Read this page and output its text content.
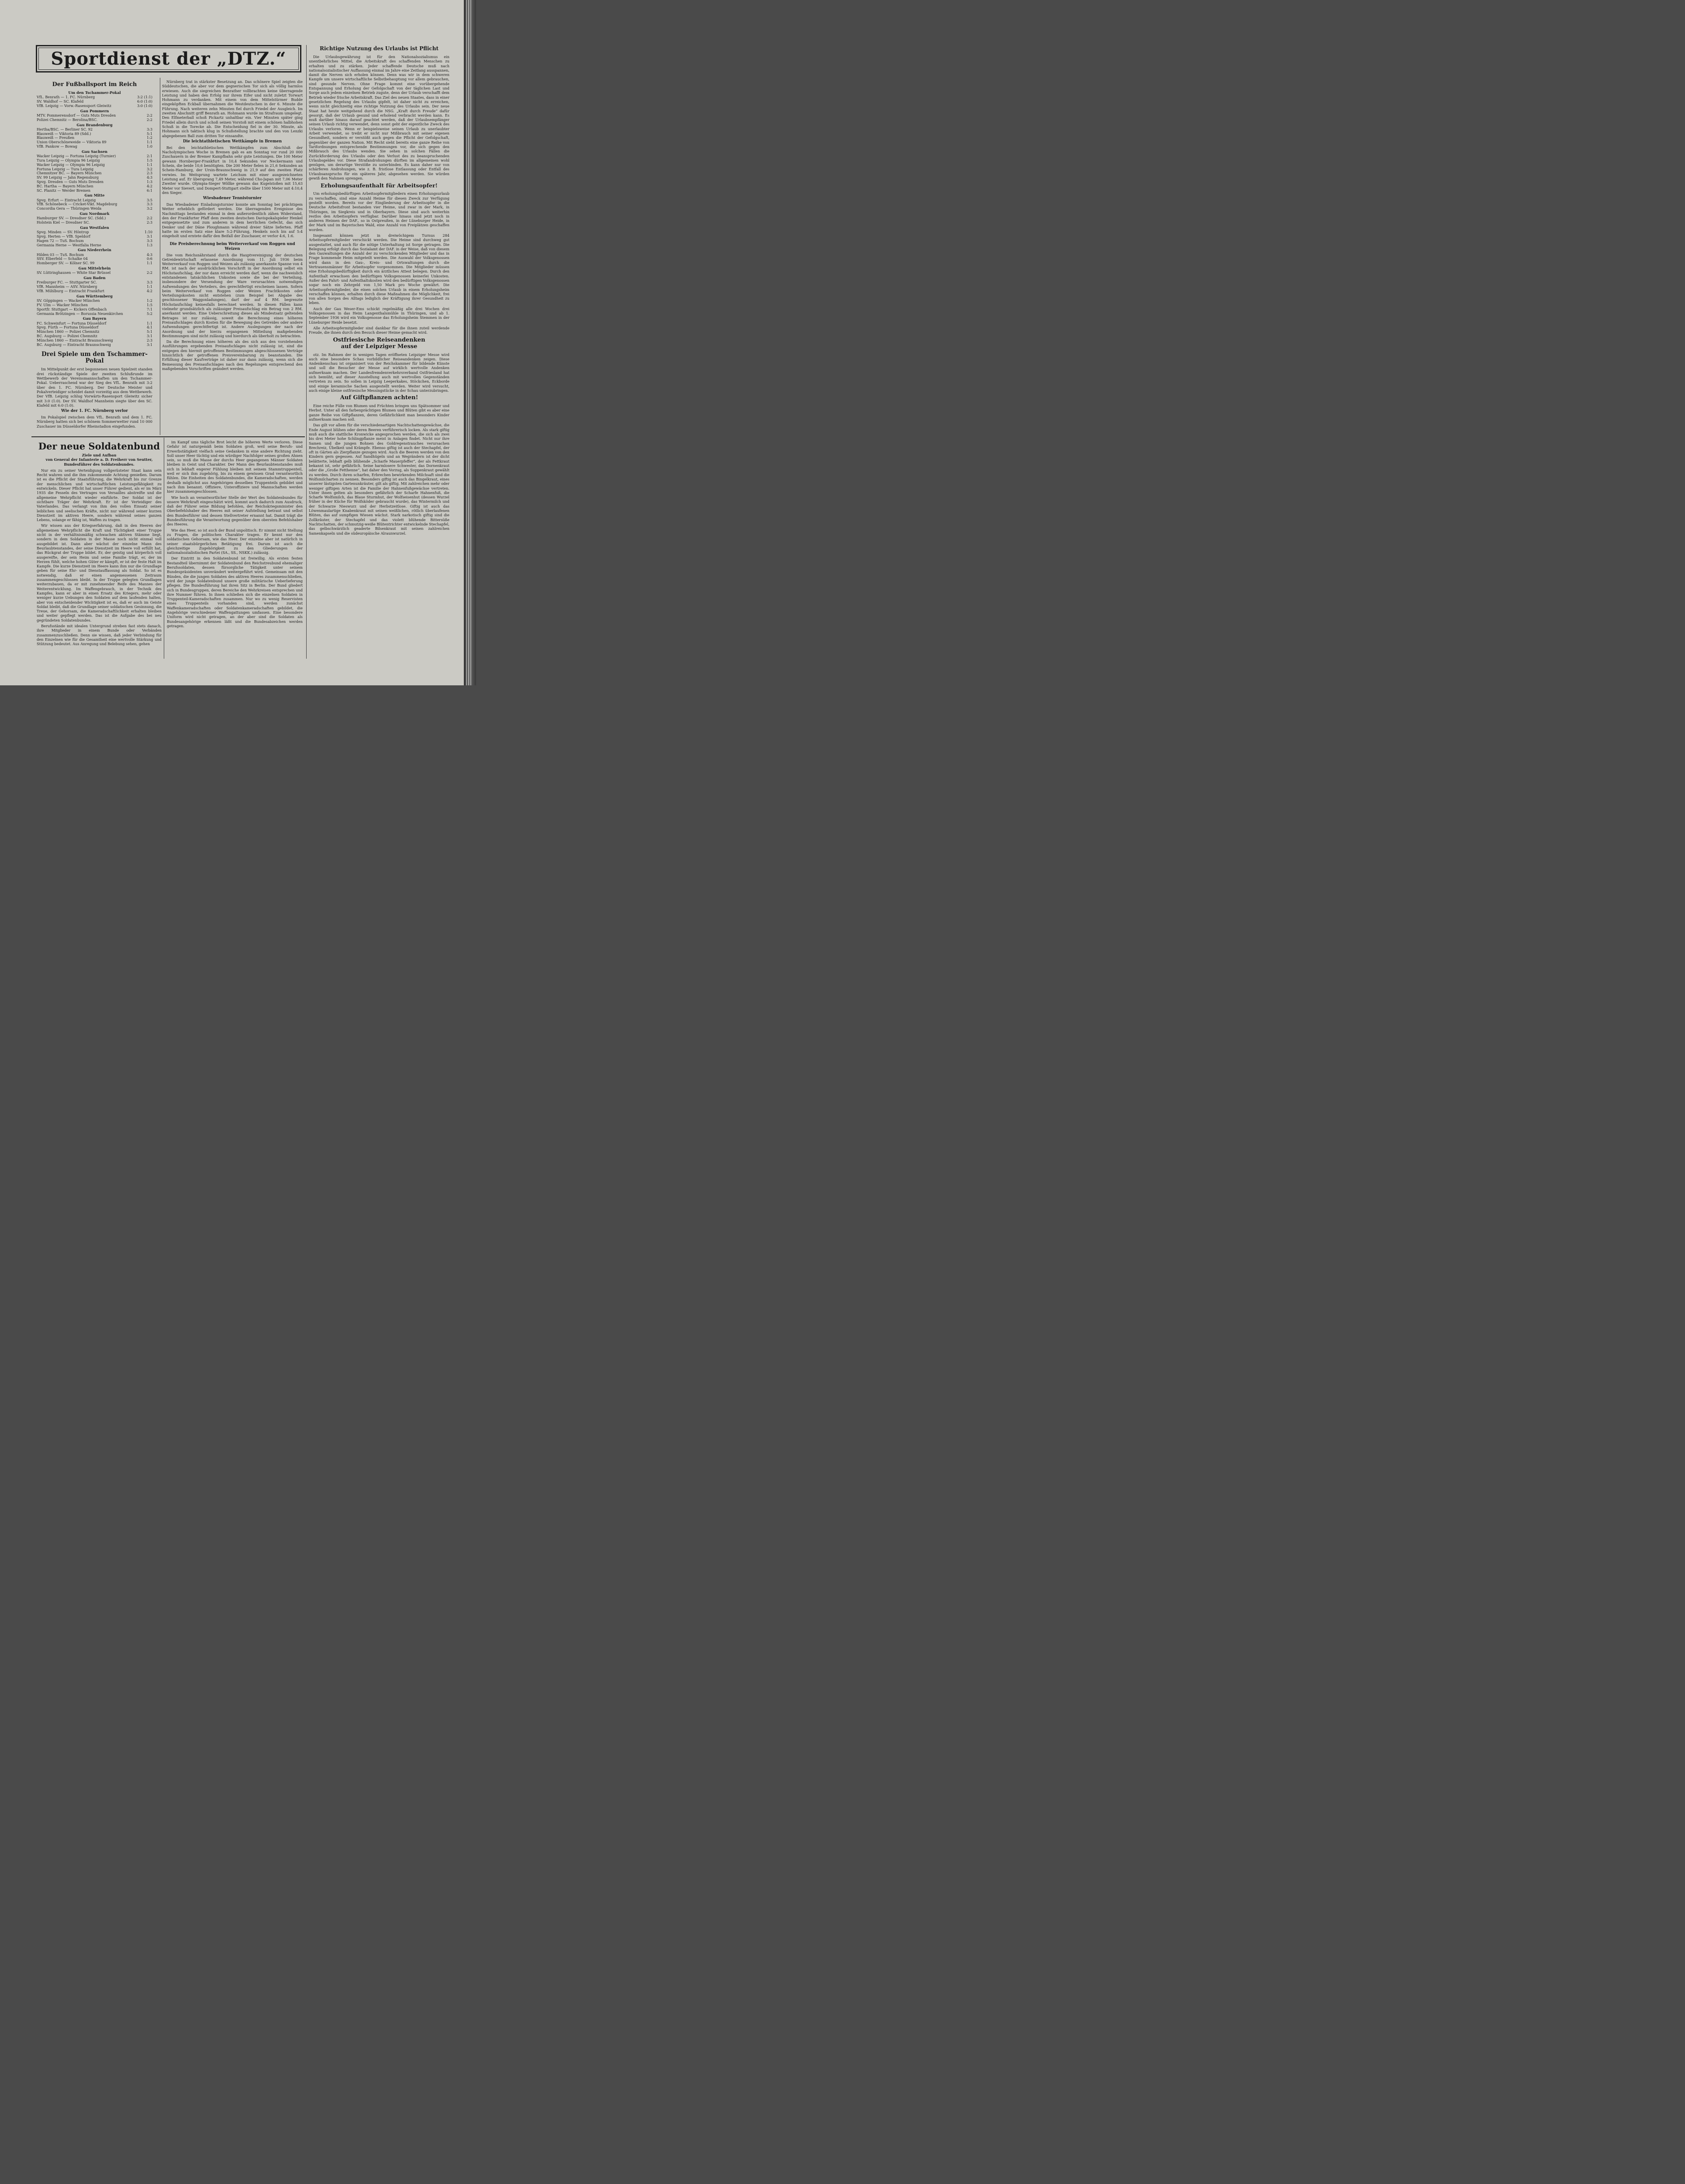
Sportdienst der „DTZ.“
Der Fußballsport im Reich
Um den Tschammer-Pokal
VfL. Benrath — 1. FC. Nürnberg	3:2 (1:1)
SV. Waldhof — SC. Klafeld	6:0 (1:0)
VfB. Leipzig — Vorw.-Rasensport Gleiwitz	3:0 (1:0)
Gau Pommern
MTV. Pommerensdorf — Guts Muts Dresden	2:2
Polizei Chemnitz — Berolina/BSC.	2:2
Gau Brandenburg
Hertha/BSC. — Berliner SC. 92	3:3
Blauweiß — Viktoria 89 (Sdd.)	5:1
Blauweiß — Preußen	1:2
Union Oberschöneweide — Viktoria 89	1:1
VfB. Pankow — Bowag	1:0
Gau Sachsen
Wacker Leipzig — Fortuna Leipzig (Turnier)	2:1
Tura Leipzig — Olympia 96 Leipzig	1:5
Wacker Leipzig — Olympia 96 Leipzig	1:1
Fortuna Leipzig — Tura Leipzig	3:2
Chemnitzer BC. — Bayern München	2:3
SV. 99 Leipzig — Jahn Regensburg	4:3
Spvg. Dresden — Guts Muts Dresden	1:3
BC. Hartha — Bayern München	4:2
SC. Planitz — Werder Bremen	6:1
Gau Mitte
Spvg. Erfurt — Eintracht Leipzig	3:5
VfB. Schönebeck — Cricket-Vikt. Magdeburg	3:3
Concordia Gera — Thüringen Weida	3:2
Gau Nordmark
Hamburger SV. — Dresdner SC. (Sdd.)	2:2
Holstein Kiel — Dresdner SC.	2:3
Gau Westfalen
Spvg. Minden — SV. Höntrop	1:10
Spvg. Herten — VfB. Speldorf	3:1
Hagen 72 — TuS. Bochum	3:3
Germania Herne — Westfalia Herne	1:3
Gau Niederrhein
Hilden 03 — TuS. Bochum	4:3
SSV. Elberfeld — Schalke 04	0:6
Homberger SV. — Kölner SC. 99	1:1
Gau Mittelrhein
SV. Lüttringhausen — White Star Brüssel	2:2
Gau Baden
Freiburger FC. — Stuttgarter SC.	3:3
VfR. Mannheim — ASV. Nürnberg	1:1
VfB. Mühlburg — Eintracht Frankfurt	4:2
Gau Württemberg
SV. Göppingen — Wacker München	1:2
FV. Ulm — Wacker München	1:5
Sportfr. Stuttgart — Kickers Offenbach	7:1
Germania Brötzingen — Borussia Neuenkirchen	5:2
Gau Bayern
FC. Schweinfurt — Fortuna Düsseldorf	1:1
Spvg. Fürth — Fortuna Düsseldorf	4:1
München 1860 — Polizei Chemnitz	5:1
BC. Augsburg — Polizei Chemnitz	3:1
München 1860 — Eintracht Braunschweig	2:3
BC. Augsburg — Eintracht Braunschweig	3:1
Drei Spiele um den Tschammer-Pokal

Im Mittelpunkt der erst begonnenen neuen Spielzeit standen drei rückständige Spiele der zweiten Schlußrunde im Wettbewerb der Vereinsmannschaften um den Tschammer-Pokal. Ueberraschend war der Sieg des VfL. Benrath mit 3:2 über den 1. FC. Nürnberg. Der Deutsche Meister und Pokalverteidiger scheidet damit vorzeitig aus dem Wettbewerb. Der VfB. Leipzig schlug Vorwärts-Rasensport Gleiwitz sicher mit 3:0 (1:0). Der SV. Waldhof Mannheim siegte über den SC. Klafeld mit 6:0 (1:0).

Wie der 1. FC. Nürnberg verlor

Im Pokalspiel zwischen dem VfL. Benrath und dem 1. FC. Nürnberg hatten sich bei schönem Sommerwetter rund 10 000 Zuschauer im Düsseldorfer Rheinstadion eingefunden.

Nürnberg trat in stärkster Besetzung an. Das schönere Spiel zeigten die Süddeutschen, die aber vor dem gegnerischen Tor sich als völlig harmlos erwiesen. Auch die siegreichen Benrather vollbrachten keine überragende Leistung und haben den Erfolg nur ihrem Eifer und nicht zuletzt Torwart Hohmann zu verdanken. Mit einem von dem Mittelstürmer Budde eingeköpften Eckball übernahmen die Westdeutschen in der 6. Minute die Führung. Nach weiteren zehn Minuten fiel durch Friedel der Ausgleich. Im zweiten Abschnitt griff Benrath an. Hohmann wurde im Strafraum umgelegt. Den Elfmeterball schoß Pickartz unhaltbar ein. Vier Minuten später ging Friedel allein durch und schoß seinen Vorstoß mit einem schönen halbhohen Schuß in die Torecke ab. Die Entscheidung fiel in der 30. Minute, als Hohmann sich taktisch klug in Schußstellung brachte und den von Lenzki abgegebenen Ball zum dritten Tor einsandte.

Die leichtathletischen Wettkämpfe in Bremen

Bei den leichtathletischen Wettkämpfen zum Abschluß der Nacholympischen Woche in Bremen gab es am Sonntag vor rund 20 000 Zuschauern in der Bremer Kampfbahn sehr gute Leistungen. Die 100 Meter gewann Hornberger-Frankfurt in 10,4 Sekunden vor Neckermann und Schein, die beide 10,6 benötigten. Die 200 Meter fielen in 21,6 Sekunden an Schein-Hamburg, der Ursin-Braunschweig in 21,9 auf den zweiten Platz verwies. Im Weitsprung wartete Leichum mit einer ausgezeichneten Leistung auf. Er übersprang 7,49 Meter, während Cho-Japan mit 7,06 Meter Zweiter wurde. Olympia-Sieger Wöllke gewann das Kugelstoßen mit 15,63 Meter vor Sievert, und Dompert-Stuttgart stellte über 1500 Meter mit 4:10,4 den Sieger.

Wiesbadener Tennisturnier

Das Wiesbadener Einladungsturnier konnte am Sonntag bei prächtigem Wetter erheblich gefördert werden. Die überragenden Ereignisse des Nachmittags bestanden einmal in dem außerordentlich zähen Widerstand, den der Frankfurter Pfaff dem zweiten deutschen Davispokalspieler Henkel entgegensetzte und zum anderen in dem herrlichen Gefecht, das sich Denker und der Däne Ploughmann während dreier Sätze lieferten. Pfaff hatte im ersten Satz eine klare 5:2-Führung, Henkels noch bis auf 5:4 eingeholt und erntete dafür den Beifall der Zuschauer, er verlor 4:6, 1:6.

Die Preisberechnung beim Weiterverkauf von Roggen und Weizen

Die vom Reichsnährstand durch die Hauptvereinigung der deutschen Getreidewirtschaft erlassene Anordnung vom 11. Juli 1936 beim Weiterverkauf von Roggen und Weizen als zulässig anerkannte Spanne von 4 RM. ist nach der ausdrücklichen Vorschrift in der Anordnung selbst ein Höchstaufschlag, der nur dann erreicht werden darf, wenn die nachweislich entstandenen tatsächlichen Unkosten sowie die bei der Verteilung, insbesondere der Versendung der Ware verursachten notwendigen Aufwendungen des Verteilers, des gerechtfertigt erscheinen lassen. Sofern beim Weiterverkauf von Roggen oder Weizen Frachtkosten oder Verteilungskosten nicht entstehen (zum Beispiel bei Abgabe des geschlossener Waggonladungen), darf der auf 4 RM. begrenzte Höchstaufschlag keinesfalls berechnet werden. In diesen Fällen kann vielmehr grundsätzlich als zulässiger Preisaufschlag ein Betrag von 2 RM. anerkannt werden. Eine Ueberschreitung dieses als Mindestsatz geltenden Betrages ist nur zulässig, soweit die Berechnung eines höheren Preisaufschlages durch Kosten für die Bewegung des Getreides oder andere Aufwendungen gerechtfertigt ist. Andere Auslegungen der nach der Anordnung und der hierzu ergangenen Mitteilung maßgebenden Bestimmungen sind nicht zulässig und hierdurch als überholt zu betrachten.

Da die Berechnung eines höheren als des sich aus den vorstehenden Ausführungen ergebenden Preisaufschlages nicht zulässig ist, sind die entgegen den hiermit getroffenen Bestimmungen abgeschlossenen Verträge hinsichtlich der getroffenen Preisvereinbarung zu beanstanden. Die Erfüllung dieser Kaufverträge ist daher nur dann zulässig, wenn sich die Bemessung des Preisaufschlages nach den Regelungen entsprechend den maßgebenden Vorschriften geändert werden.

Richtige Nutzung des Urlaubs ist Pflicht

Die Urlaubsgewährung ist für den Nationalsozialismus ein unentbehrliches Mittel, die Arbeitskraft des schaffenden Menschen zu erhalten und zu stärken. Jeder schaffende Deutsche muß nach nationalsozialistischer Auffassung einmal im Jahre eine Zeitlang ausspannen, damit die Nerven sich erholen können. Denn was wir in dem schweren Kampfe um unsere wirtschaftliche Selbstbehauptung vor allem gebrauchen, sind gesunde Nerven. Ohne Frage kommt eine vorübergehende Entspannung und Erholung der Gefolgschaft von der täglichen Last und Sorge auch jedem einzelnen Betrieb zugute, denn der Urlaub verschafft dem Betrieb wieder frische Arbeitskraft. Das Ziel des neuen Staates, dass in einer gesetzlichen Regelung des Urlaubs gipfelt, ist daher nicht zu erreichen, wenn nicht gleichzeitig eine richtige Nutzung des Urlaubs sein. Der neue Staat hat heute weitgehend durch die NSG. „Kraft durch Freude“ dafür gesorgt, daß der Urlaub gesund und erholend verbracht werden kann. Es muß darüber hinaus darauf geachtet werden, daß der Urlaubsempfänger seinen Urlaub richtig verwendet, denn sonst geht der eigentliche Zweck des Urlaubs verloren. Wenn er beispielsweise seinen Urlaub zu unerlaubter Arbeit verwendet, so treibt er nicht nur Mißbrauch mit seiner eigenen Gesundheit, sondern er verstößt auch gegen die Pflicht der Gefolgschaft, gegenüber der ganzen Nation. Mit Recht sieht bereits eine ganze Reihe von Tarifordnungen entsprechende Bestimmungen vor, die sich gegen den Mißbrauch des Urlaubs wenden. Sie sehen in solchen Fällen die Zurückforderung des Urlaubs oder den Verlust des zu beanspruchenden Urlaubsgeldes vor. Diese Strafandrohungen dürften im allgemeinen wohl genügen, um derartige Verstöße zu unterbinden. Es kann daher nur von schärferen Androhungen, wie z. B. fristlose Entlassung oder Entfall des Urlaubsanspruchs für ein späteres Jahr, abgesehen werden. Sie würden gewiß den Nahmen sprengen.

Erholungsaufenthalt für Arbeitsopfer!

Um erholungsbedürftigen Arbeitsopfermitgliedern einen Erholungsurlaub zu verschaffen, sind eine Anzahl Heime für diesen Zweck zur Verfügung gestellt worden. Bereits vor der Eingliederung der Arbeitsopfer in die Deutsche Arbeitsfront bestanden vier Heime, und zwar in der Mark, in Thüringen, im Siegkreis und in Oberbayern. Diese sind auch weiterhin restlos den Arbeitsopfern verfügbar. Darüber hinaus sind jetzt noch in anderen Heimen der DAF., so in Ostpreußen, in der Lüneburger Heide, in der Mark und im Bayerischen Wald, eine Anzahl von Freiplätzen geschaffen worden.

Insgesamt können jetzt in dreiwöchigem Turnus 284 Arbeitsopfermitglieder verschickt werden. Die Heime sind durchweg gut ausgestattet, und auch für die nötige Unterhaltung ist Sorge getragen. Die Belegung erfolgt durch das Sozialamt der DAF. in der Weise, daß von diesem den Gauwaltungen die Anzahl der zu verschickenden Mitglieder und das in Frage kommende Heim mitgeteilt werden. Die Auswahl der Volksgenossen wird dann in den Gau-, Kreis- und Ortswaltungen durch die Vertrauensmänner für Arbeitsopfer vorgenommen. Die Mitglieder müssen eine Erholungsbedürftigkeit durch ein ärztliches Attest belegen. Durch den Aufenthalt erwachsen den bedürftigen Volksgenossen keinerlei Unkosten. Außer den Fahrt- und Aufenthaltskosten wird den bedürftigen Volksgenossen sogar noch ein Zehrgeld von 1,50 Mark pro Woche gewährt. Die Arbeitsopfermitglieder, die einen solchen Urlaub in einem Erholungsheim verschaffen können, erhalten durch diese Maßnahmen die Möglichkeit, frei von allen Sorgen des Alltags lediglich der Kräftigung ihrer Gesundheit zu leben.

Auch der Gau Weser-Ems schickt regelmäßig alle drei Wochen drei Volksgenossen in das Heim Langenthalsmühle in Thüringen, und ab 1. September 1936 wird ein Volksgenosse das Erholungsheim Stemmen in der Lüneburger Heide besetzt.

Alle Arbeitsopfermitglieder sind dankbar für die ihnen zuteil werdende Freude, die ihnen durch den Besuch dieser Heime gemacht wird.

Ostfriesische Reiseandenken
auf der Leipziger Messe

otz. Im Rahmen der in wenigen Tagen eröffneten Leipziger Messe wird auch eine besondere Schau vorbildlicher Reiseandenken zeigen. Diese Andenkenschau ist organisiert von der Reichskammer für bildende Künste und soll die Besucher der Messe auf wirklich wertvolle Andenken aufmerksam machen. Der Landesfremdenverkehrsverband Ostfriesland hat sich bemüht, auf dieser Ausstellung auch mit wertvollen Gegenständen vertreten zu sein. So sollen in Leipzig Leeperkakes, Stöckchen, Eckborde und einige keramische Sachen ausgestellt werden. Weiter wird versucht, auch einige kleine ostfriesische Messingstücke in der Schau unterzubringen.

Auf Giftpflanzen achten!

Eine reiche Fülle von Blumen und Früchten bringen uns Spätsommer und Herbst. Unter all den farbenprächtigen Blumen und Blüten gibt es aber eine ganze Reihe von Giftpflanzen, deren Gefährlichkeit man besonders Kinder aufmerksam machen soll.

Das gilt vor allem für die verschiedenartigen Nachtschattengewächse, die Ende August blühen oder deren Beeren verführerisch locken. Als stark giftig muß auch die stattliche Kronwicke angesprochen werden, die sich als zwei bis drei Meter hohe Schlingpflanze meist in Anlagen findet. Nicht nur ihre Samen und die jungen Bohnen des Goldregenstrauches verursachen Brechreiz, Übelkeit und Krämpfe. Ebenso giftig ist auch der Stechapfel, der oft in Gärten als Zierpflanze gezogen wird. Auch die Beeren werden von den Kindern gern gegessen. Auf Sandhügeln und an Wegrändern ist der dicht belätterte, lebhaft gelb blühende „Scharfe Mauerpfeffer“, der als Fettkraut bekannt ist, sehr gefährlich. Seine harmlosere Schwester, das Dornenkraut oder die „Große Fetthenne“, hat daher den Vorzug, als Suppenkraut gewählt zu werden. Durch ihren scharfen, Erbrechen bewirkenden Milchsaft sind die Wolfsmilcharten zu nennen. Besonders giftig ist auch das Bingelkraut, eines unserer lästigsten Gartenunkräuter, gilt als giftig. Mit zahlreichen mehr oder weniger giftigen Arten ist die Familie der Hahnenfußgewächse vertreten. Unter ihnen gelten als besonders gefährlich der Scharfe Hahnenfuß, die Scharfe Wolfsmilch, das Blaue Sturmhut, der Wolfseisenhut (dessen Wurzel früher in der Küche für Wolfsköder gebraucht wurde), das Wintermilch und der Schwarze Nieswurz und der Herbstzeitlose. Giftig ist auch das Löwenmaulartige Knabenkraut mit seinen weißlichen, rötlich überlaufenen Blüten, das auf sumpfigen Wiesen wächst. Stark narkotisch giftig sind die Zollkräuter, der Stechapfel und das violett blühende Bittersüße Nachtschatten, der schmutzig-weiße Blütentrichter entwickelnde Stechapfel, das gelbschwärzlich geaderte Bilsenkraut mit seinen zahlreichen Samenkapseln und die südeuropäische Alraunwurzel.

Der neue Soldatenbund
Ziele und Aufbau
von General der Infanterie a. D. Freiherr von Seutter,
Bundesführer des Soldatenbundes.

Nur ein zu seiner Verteidigung vollgerüsteter Staat kann sein Recht wahren und die ihm zukommende Achtung genießen. Darum ist es die Pflicht der Staatsführung, die Wehrkraft bis zur Grenze der menschlichen und wirtschaftlichen Leistungsfähigkeit zu entwickeln. Dieser Pflicht hat unser Führer gedient, als er im März 1935 die Fesseln des Vertrages von Versailles abstreifte und die allgemeine Wehrpflicht wieder einführte. Der Soldat ist der sichtbare Träger der Wehrkraft. Er ist der Verteidiger des Vaterlandes. Das verlangt von ihm den vollen Einsatz seiner leiblichen und seelischen Kräfte, nicht nur während seiner kurzen Dienstzeit im aktiven Heere, sondern während seines ganzen Lebens, solange er fähig ist, Waffen zu tragen.

Wir wissen aus der Kriegserfahrung, daß in den Heeren der allgemeinen Wehrpflicht die Kraft und Tüchtigkeit einer Truppe nicht in der verhältnismäßig schwachen aktiven Stämme liegt, sondern in dem Soldaten in der Masse noch nicht einmal voll ausgebildet ist. Dann aber wächst der einzelne Mann des Beurlaubtenstandes, der seine Dienstzeit im Heere voll erfüllt hat, das Rückgrat der Truppe bildet. Er, der geistig und körperlich voll ausgereifte, der sein Heim und seine Familie trägt, er, der im Herzen fühlt, welche hohen Güter er kämpft, er ist der feste Halt im Kampfe. Die kurze Dienstzeit im Heere kann ihm nur die Grundlage geben für seine Ehr- und Dienstauffassung als Soldat. So ist es notwendig, daß er einen angemessenen Zeitraum zusammengeschlossen bleibt. In der Truppe gelegten Grundlagen weiterzubauen, da er mit zunehmender Reife des Mannes der Weiterentwicklung. Im Waffengebrauch, in der Technik des Kampfes, kann er aber in einen Ersatz des Kriegers, mehr oder weniger kurze Uebungen den Soldaten auf dem laufenden halten, aber von entscheidender Wichtigkeit ist es, daß er auch im Geiste Soldat bleibt, daß die Grundlage seiner soldatischen Gesinnung, die Treue, der Gehorsam, die Kameradschaftlichkeit erhalten bleiben und weiter gepflegt werden. Das ist die Aufgabe des bei neu gegründeten Soldatenbundes.

Berufsstände mit idealen Untergrund streben fast stets danach, ihre Mitglieder in einem Bunde oder Verbänden zusammenzuschließen. Denn sie wissen, daß jeder Verbindung für den Einzelnen wie für die Gesamtheit eine wertvolle Stärkung und Stützung bedeutet. Aus Anregung und Belebung sehen, gehen

im Kampf ums tägliche Brot leicht die höheren Werte verloren. Diese Gefahr ist naturgemäß beim Soldaten groß, weil seine Berufs- und Erwerbstätigkeit vielfach seine Gedanken in eine andere Richtung zieht. Soll unser Heer tüchtig und ein würdiger Nachfolger seines großen Ahnen sein, so muß die Masse der durchs Heer gegangenen Männer Soldaten bleiben in Geist und Charakter. Der Mann des Beurlaubtenstandes muß sich in lebhaft engerer Fühlung bleiben mit seinem Stammtruppenteil, weil er sich ihm zugehörig, bis zu einem gewissen Grad verantwortlich fühlen. Die Einheiten des Soldatenbundes, die Kameradschaften, werden deshalb möglichst aus Angehörigen desselben Truppenteils gebildet und nach ihm benannt. Offiziere, Unteroffiziere und Mannschaften werden hier zusammengeschlossen.

Wie hoch an verantwortlicher Stelle der Wert des Soldatenbundes für unsere Wehrkraft eingeschätzt wird, kommt auch dadurch zum Ausdruck, daß der Führer seine Bildung befohlen, der Reichskriegsminister den Oberbefehlshaber des Heeres mit seiner Aufstellung betraut und selbst den Bundesführer und dessen Stellvertreter ernannt hat. Damit trägt die Bundesführung die Verantwortung gegenüber dem obersten Befehlshaber des Heeres.

Wie das Heer, so ist auch der Bund unpolitisch. Er nimmt nicht Stellung zu Fragen, die politischen Charakter tragen. Er kennt nur den soldatischen Gehorsam, wie das Heer. Der einzelne aber ist natürlich in seiner staatsbürgerlichen Betätigung frei. Darum ist auch die gleichzeitige Zugehörigkeit zu den Gliederungen der nationalsozialistischen Partei (SA., SS., NSKK.) zulässig.

Der Eintritt in den Soldatenbund ist freiwillig. Als ersten festen Bestandteil übernimmt der Soldatenbund den Reichstreubund ehemaliger Berufssoldaten, dessen fürsorgliche Tätigkeit unter seinem Bundespräsidenten unverändert weitergeführt wird. Gemeinsam mit den Bünden, die die jungen Soldaten des aktiven Heeres zusammenschließen, wird der junge Soldatenbund unsere große militärische Ueberlieferung pflegen. Die Bundesführung hat ihren Sitz in Berlin. Der Bund gliedert sich in Bundesgruppen, deren Bereiche den Wehrkreisen entsprechen und ihre Nummer führen. In ihnen schließen sich die einzelnen Soldaten in Truppenteil-Kameradschaften zusammen. Nur wo zu wenig Reservisten eines Truppenteils vorhanden sind, werden zunächst Waffenkameradschaften oder Soldatenkameradschaften gebildet, die Angehörige verschiedener Waffengattungen umfassen. Eine besondere Uniform wird nicht getragen, an der aber sind die Soldaten als Bundesangehörige erkennen läßt und die Bundesabzeichen werden getragen.
